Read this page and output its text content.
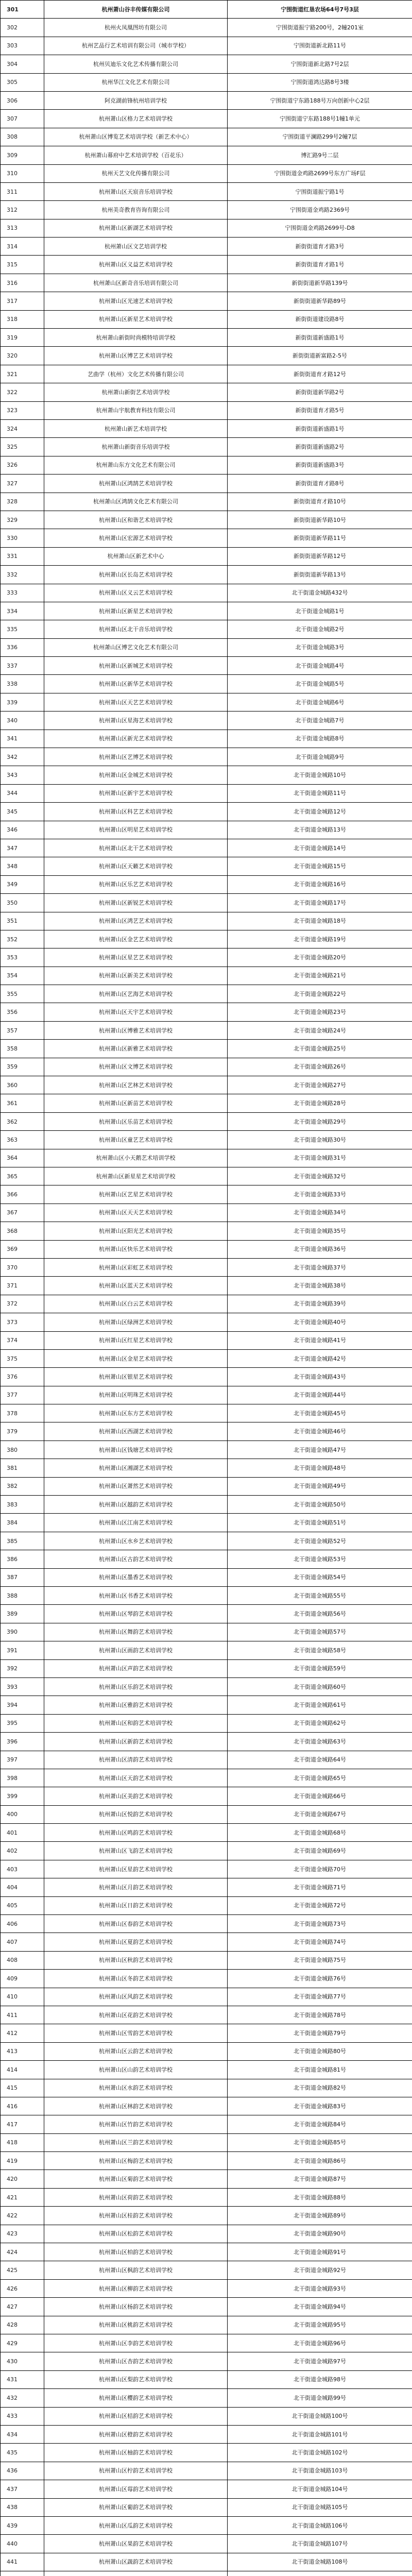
301	杭州萧山谷丰传媒有限公司	宁围街道红垦农场64号7号3层
302	杭州火凤凰图坊有限公司	宁围街道振宁路200号，2幢201室
303	杭州艺品行艺术培训有限公司（城市学校）	宁围街道新北路11号
304	杭州贝迪乐文化艺术传播有限公司	宁围街道新北路7号2层
305	杭州华江文化艺术有限公司	宁围街道鸿达路8号3楼
306	阿克湖前锋杭州培训学校	宁围街道宁东路188号万向创新中心2层
307	杭州萧山区格力艺术培训学校	宁围街道宁东路188号1幢1单元
308	杭州萧山区博览艺术培训学校（新艺术中心）	宁围街道平澜路299号2幢7层
309	杭州萧山幕府中艺术培训学校（百花乐）	博汇路9号二层
310	杭州天艺文化传播有限公司	宁围街道金鸡路2699号东方广场F层
311	杭州萧山区天宸音乐培训学校	宁围街道振宁路1号
312	杭州美奇教育咨询有限公司	宁围街道金鸡路2369号
313	杭州萧山区新湖艺术培训学校	宁围街道金鸡路2699号-D8
314	杭州萧山区文艺培训学校	新街街道育才路3号
315	杭州萧山区义益艺术培训学校	新街街道育才路1号
316	杭州萧山区新奇音乐培训有限公司	新街街道新华路139号
317	杭州萧山区光速艺术培训学校	新街街道新华路89号
318	杭州萧山区新星艺术培训学校	新街街道建设路8号
319	杭州萧山新街时尚模特培训学校	新街街道新盛路1号
320	杭州萧山区博艺艺术培训学校	新街街道新富路2-5号
321	艺曲学（杭州）文化艺术传播有限公司	新街街道育才路12号
322	杭州萧山新街艺术培训学校	新街街道新华路2号
323	杭州萧山宇航教育科技有限公司	新街街道育才路5号
324	杭州萧山新艺术培训学校	新街街道新盛路1号
325	杭州萧山新街音乐培训学校	新街街道新盛路2号
326	杭州萧山东方文化艺术有限公司	新街街道新盛路3号
327	杭州萧山区鸿鹄艺术培训学校	新街街道育才路8号
328	杭州萧山区鸿鹄文化艺术有限公司	新街街道育才路10号
329	杭州萧山区和谐艺术培训学校	新街街道新华路10号
330	杭州萧山区宏源艺术培训学校	新街街道新华路11号
331	杭州萧山区新艺术中心	新街街道新华路12号
332	杭州萧山区长岛艺术培训学校	新街街道新华路13号
333	杭州萧山区义云艺术培训学校	北干街道金城路432号
334	杭州萧山区新星艺术培训学校	北干街道金城路1号
335	杭州萧山区北干音乐培训学校	北干街道金城路2号
336	杭州萧山区博艺文化艺术有限公司	北干街道金城路3号
337	杭州萧山区新城艺术培训学校	北干街道金城路4号
338	杭州萧山区新华艺术培训学校	北干街道金城路5号
339	杭州萧山区天艺艺术培训学校	北干街道金城路6号
340	杭州萧山区星海艺术培训学校	北干街道金城路7号
341	杭州萧山区新光艺术培训学校	北干街道金城路8号
342	杭州萧山区艺博艺术培训学校	北干街道金城路9号
343	杭州萧山区金城艺术培训学校	北干街道金城路10号
344	杭州萧山区新宇艺术培训学校	北干街道金城路11号
345	杭州萧山区科艺艺术培训学校	北干街道金城路12号
346	杭州萧山区明星艺术培训学校	北干街道金城路13号
347	杭州萧山区北干艺术培训学校	北干街道金城路14号
348	杭州萧山区天籁艺术培训学校	北干街道金城路15号
349	杭州萧山区乐艺艺术培训学校	北干街道金城路16号
350	杭州萧山区新锐艺术培训学校	北干街道金城路17号
351	杭州萧山区鸿艺艺术培训学校	北干街道金城路18号
352	杭州萧山区金艺艺术培训学校	北干街道金城路19号
353	杭州萧山区星艺艺术培训学校	北干街道金城路20号
354	杭州萧山区新美艺术培训学校	北干街道金城路21号
355	杭州萧山区艺海艺术培训学校	北干街道金城路22号
356	杭州萧山区天宇艺术培训学校	北干街道金城路23号
357	杭州萧山区博雅艺术培训学校	北干街道金城路24号
358	杭州萧山区新雅艺术培训学校	北干街道金城路25号
359	杭州萧山区文博艺术培训学校	北干街道金城路26号
360	杭州萧山区艺林艺术培训学校	北干街道金城路27号
361	杭州萧山区新苗艺术培训学校	北干街道金城路28号
362	杭州萧山区乐苗艺术培训学校	北干街道金城路29号
363	杭州萧山区童艺艺术培训学校	北干街道金城路30号
364	杭州萧山区小天鹅艺术培训学校	北干街道金城路31号
365	杭州萧山区新星星艺术培训学校	北干街道金城路32号
366	杭州萧山区艺星艺术培训学校	北干街道金城路33号
367	杭州萧山区天天艺术培训学校	北干街道金城路34号
368	杭州萧山区阳光艺术培训学校	北干街道金城路35号
369	杭州萧山区快乐艺术培训学校	北干街道金城路36号
370	杭州萧山区彩虹艺术培训学校	北干街道金城路37号
371	杭州萧山区蓝天艺术培训学校	北干街道金城路38号
372	杭州萧山区白云艺术培训学校	北干街道金城路39号
373	杭州萧山区绿洲艺术培训学校	北干街道金城路40号
374	杭州萧山区红星艺术培训学校	北干街道金城路41号
375	杭州萧山区金星艺术培训学校	北干街道金城路42号
376	杭州萧山区银星艺术培训学校	北干街道金城路43号
377	杭州萧山区明珠艺术培训学校	北干街道金城路44号
378	杭州萧山区东方艺术培训学校	北干街道金城路45号
379	杭州萧山区西湖艺术培训学校	北干街道金城路46号
380	杭州萧山区钱塘艺术培训学校	北干街道金城路47号
381	杭州萧山区湘湖艺术培训学校	北干街道金城路48号
382	杭州萧山区萧然艺术培训学校	北干街道金城路49号
383	杭州萧山区越韵艺术培训学校	北干街道金城路50号
384	杭州萧山区江南艺术培训学校	北干街道金城路51号
385	杭州萧山区水乡艺术培训学校	北干街道金城路52号
386	杭州萧山区古韵艺术培训学校	北干街道金城路53号
387	杭州萧山区墨香艺术培训学校	北干街道金城路54号
388	杭州萧山区书香艺术培训学校	北干街道金城路55号
389	杭州萧山区琴韵艺术培训学校	北干街道金城路56号
390	杭州萧山区舞韵艺术培训学校	北干街道金城路57号
391	杭州萧山区画韵艺术培训学校	北干街道金城路58号
392	杭州萧山区声韵艺术培训学校	北干街道金城路59号
393	杭州萧山区乐韵艺术培训学校	北干街道金城路60号
394	杭州萧山区雅韵艺术培训学校	北干街道金城路61号
395	杭州萧山区和韵艺术培训学校	北干街道金城路62号
396	杭州萧山区新韵艺术培训学校	北干街道金城路63号
397	杭州萧山区清韵艺术培训学校	北干街道金城路64号
398	杭州萧山区天韵艺术培训学校	北干街道金城路65号
399	杭州萧山区美韵艺术培训学校	北干街道金城路66号
400	杭州萧山区悦韵艺术培训学校	北干街道金城路67号
401	杭州萧山区鸣韵艺术培训学校	北干街道金城路68号
402	杭州萧山区飞韵艺术培训学校	北干街道金城路69号
403	杭州萧山区星韵艺术培训学校	北干街道金城路70号
404	杭州萧山区月韵艺术培训学校	北干街道金城路71号
405	杭州萧山区日韵艺术培训学校	北干街道金城路72号
406	杭州萧山区春韵艺术培训学校	北干街道金城路73号
407	杭州萧山区夏韵艺术培训学校	北干街道金城路74号
408	杭州萧山区秋韵艺术培训学校	北干街道金城路75号
409	杭州萧山区冬韵艺术培训学校	北干街道金城路76号
410	杭州萧山区风韵艺术培训学校	北干街道金城路77号
411	杭州萧山区花韵艺术培训学校	北干街道金城路78号
412	杭州萧山区雪韵艺术培训学校	北干街道金城路79号
413	杭州萧山区云韵艺术培训学校	北干街道金城路80号
414	杭州萧山区山韵艺术培训学校	北干街道金城路81号
415	杭州萧山区水韵艺术培训学校	北干街道金城路82号
416	杭州萧山区林韵艺术培训学校	北干街道金城路83号
417	杭州萧山区竹韵艺术培训学校	北干街道金城路84号
418	杭州萧山区兰韵艺术培训学校	北干街道金城路85号
419	杭州萧山区梅韵艺术培训学校	北干街道金城路86号
420	杭州萧山区菊韵艺术培训学校	北干街道金城路87号
421	杭州萧山区荷韵艺术培训学校	北干街道金城路88号
422	杭州萧山区桂韵艺术培训学校	北干街道金城路89号
423	杭州萧山区松韵艺术培训学校	北干街道金城路90号
424	杭州萧山区柏韵艺术培训学校	北干街道金城路91号
425	杭州萧山区枫韵艺术培训学校	北干街道金城路92号
426	杭州萧山区柳韵艺术培训学校	北干街道金城路93号
427	杭州萧山区杨韵艺术培训学校	北干街道金城路94号
428	杭州萧山区桃韵艺术培训学校	北干街道金城路95号
429	杭州萧山区李韵艺术培训学校	北干街道金城路96号
430	杭州萧山区杏韵艺术培训学校	北干街道金城路97号
431	杭州萧山区梨韵艺术培训学校	北干街道金城路98号
432	杭州萧山区樱韵艺术培训学校	北干街道金城路99号
433	杭州萧山区桔韵艺术培训学校	北干街道金城路100号
434	杭州萧山区橙韵艺术培训学校	北干街道金城路101号
435	杭州萧山区柚韵艺术培训学校	北干街道金城路102号
436	杭州萧山区柠韵艺术培训学校	北干街道金城路103号
437	杭州萧山区莓韵艺术培训学校	北干街道金城路104号
438	杭州萧山区葡韵艺术培训学校	北干街道金城路105号
439	杭州萧山区瓜韵艺术培训学校	北干街道金城路106号
440	杭州萧山区果韵艺术培训学校	北干街道金城路107号
441	杭州萧山区蔬韵艺术培训学校	北干街道金城路108号
